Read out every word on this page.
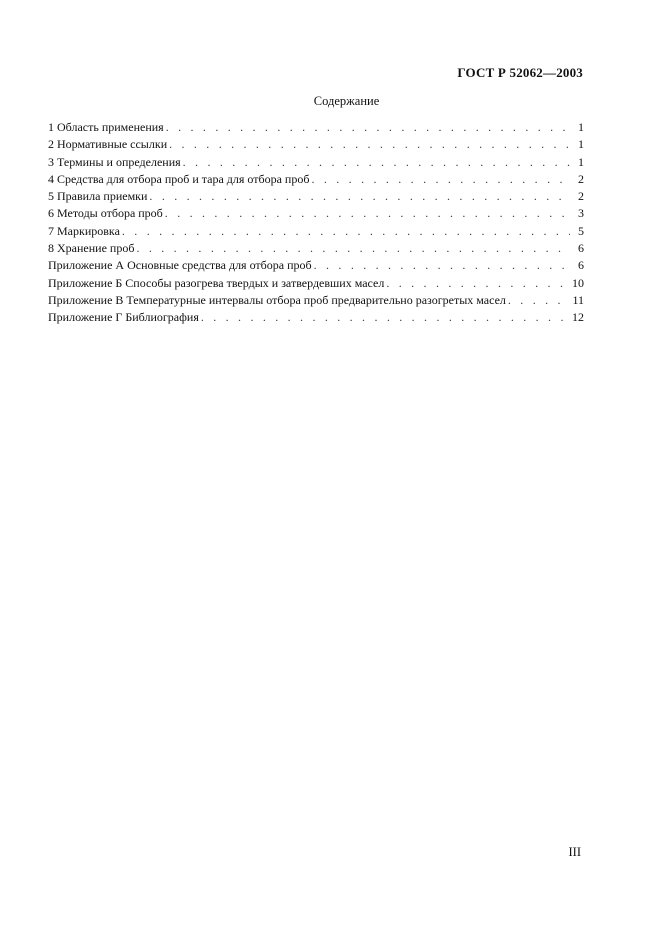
ГОСТ Р 52062—2003
Содержание
1 Область применения . . .	1
2 Нормативные ссылки . . .	1
3 Термины и определения . . .	1
4 Средства для отбора проб и тара для отбора проб . . .	2
5 Правила приемки . . .	2
6 Методы отбора проб . . .	3
7 Маркировка . . .	5
8 Хранение проб . . .	6
Приложение А Основные средства для отбора проб . . .	6
Приложение Б Способы разогрева твердых и затвердевших масел . . .	10
Приложение В Температурные интервалы отбора проб предварительно разогретых масел . . .	11
Приложение Г Библиография . . .	12
III
